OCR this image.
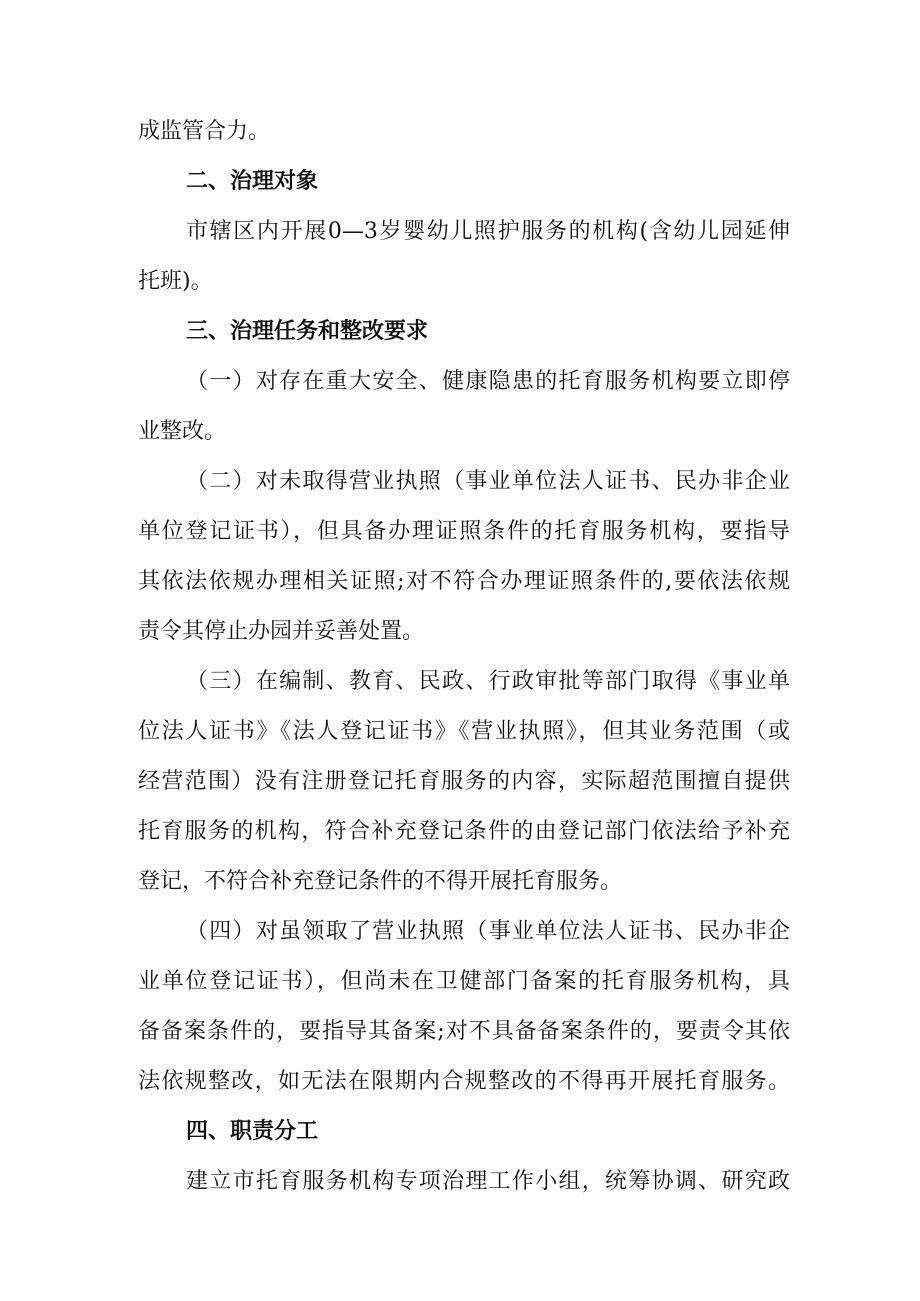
成监管合力。
二、治理对象
市辖区内开展0—3岁婴幼儿照护服务的机构(含幼儿园延伸
托班)。
三、治理任务和整改要求
（一）对存在重大安全、健康隐患的托育服务机构要立即停
业整改。
（二）对未取得营业执照（事业单位法人证书、民办非企业
单位登记证书），但具备办理证照条件的托育服务机构，要指导
其依法依规办理相关证照;对不符合办理证照条件的,要依法依规
责令其停止办园并妥善处置。
（三）在编制、教育、民政、行政审批等部门取得《事业单
位法人证书》《法人登记证书》《营业执照》，但其业务范围（或
经营范围）没有注册登记托育服务的内容，实际超范围擅自提供
托育服务的机构，符合补充登记条件的由登记部门依法给予补充
登记，不符合补充登记条件的不得开展托育服务。
（四）对虽领取了营业执照（事业单位法人证书、民办非企
业单位登记证书），但尚未在卫健部门备案的托育服务机构，具
备备案条件的，要指导其备案;对不具备备案条件的，要责令其依
法依规整改，如无法在限期内合规整改的不得再开展托育服务。
四、职责分工
建立市托育服务机构专项治理工作小组，统筹协调、研究政
